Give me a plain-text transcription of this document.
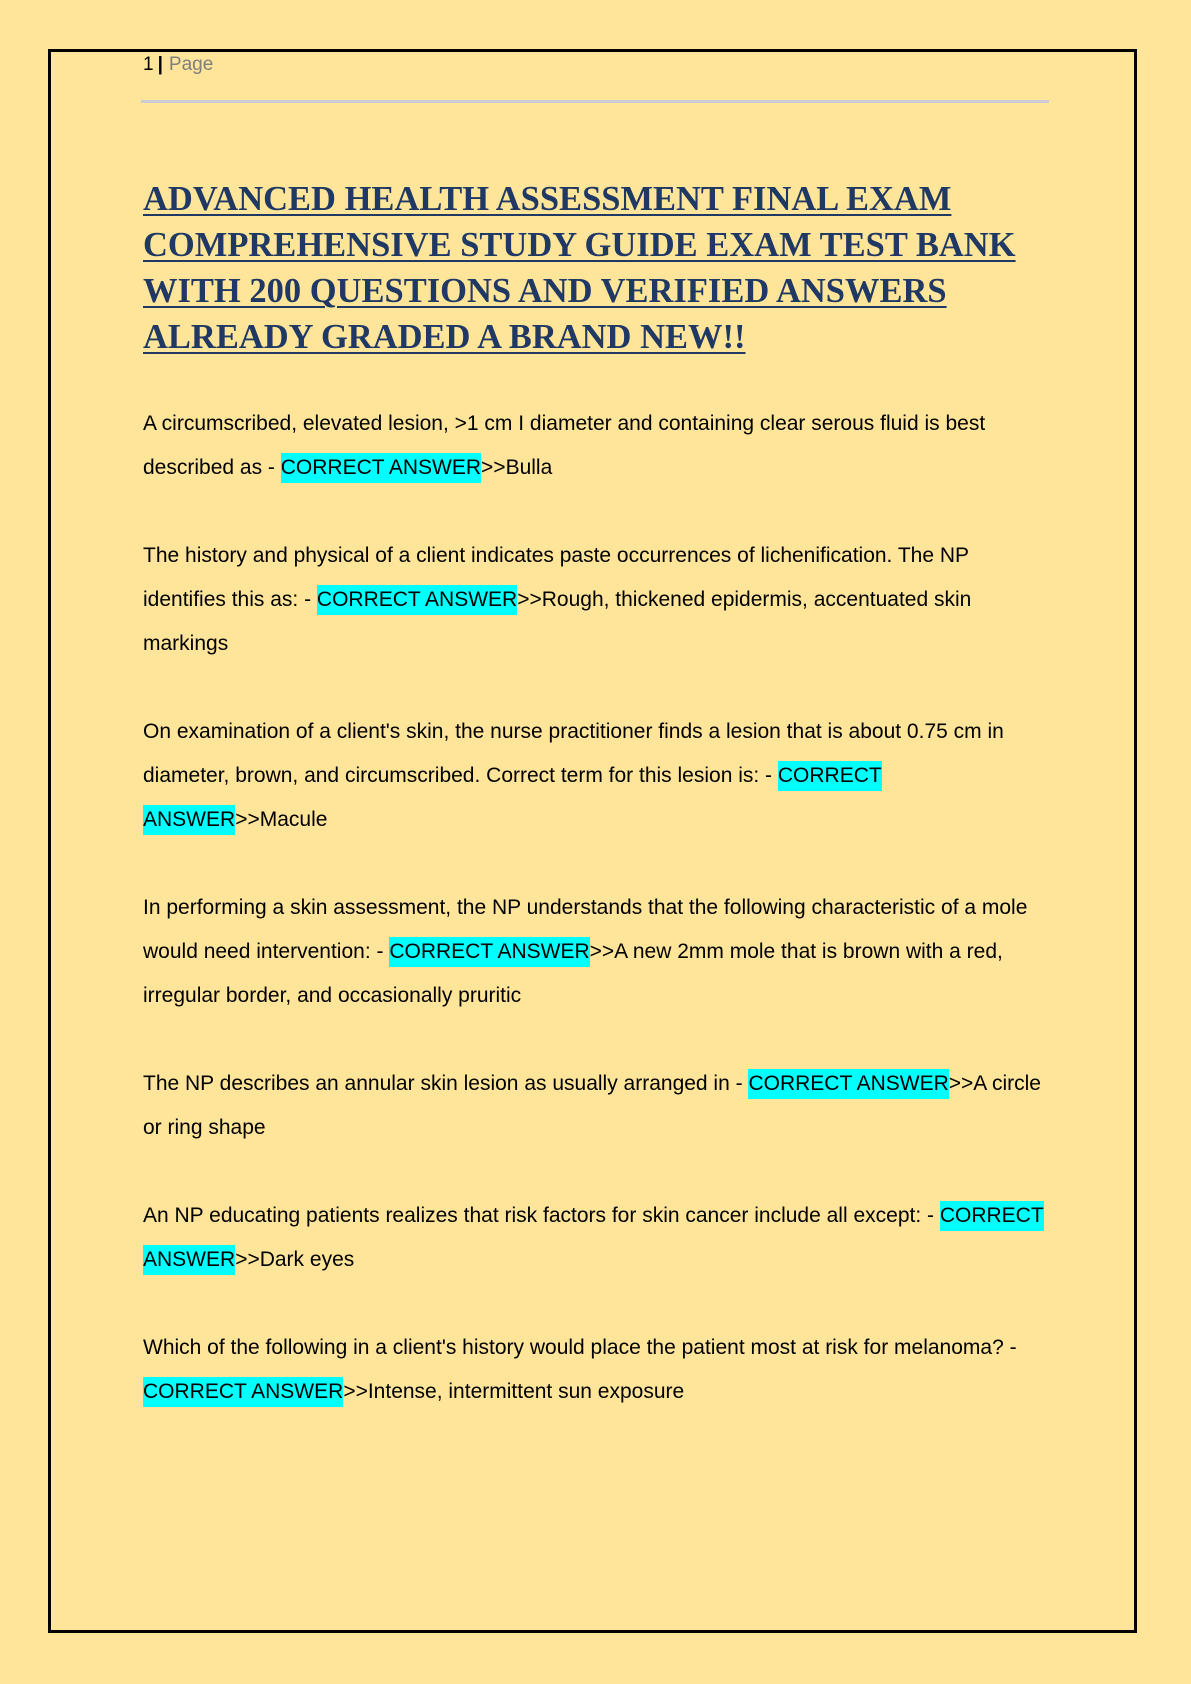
1 | Page
ADVANCED HEALTH ASSESSMENT FINAL EXAM COMPREHENSIVE STUDY GUIDE EXAM TEST BANK WITH 200 QUESTIONS AND VERIFIED ANSWERS ALREADY GRADED A BRAND NEW!!

A circumscribed, elevated lesion, >1 cm I diameter and containing clear serous fluid is best described as - CORRECT ANSWER>>Bulla

The history and physical of a client indicates paste occurrences of lichenification. The NP identifies this as: - CORRECT ANSWER>>Rough, thickened epidermis, accentuated skin markings

On examination of a client's skin, the nurse practitioner finds a lesion that is about 0.75 cm in diameter, brown, and circumscribed. Correct term for this lesion is: - CORRECT ANSWER>>Macule

In performing a skin assessment, the NP understands that the following characteristic of a mole would need intervention: - CORRECT ANSWER>>A new 2mm mole that is brown with a red, irregular border, and occasionally pruritic

The NP describes an annular skin lesion as usually arranged in - CORRECT ANSWER>>A circle or ring shape

An NP educating patients realizes that risk factors for skin cancer include all except: - CORRECT ANSWER>>Dark eyes

Which of the following in a client's history would place the patient most at risk for melanoma? - CORRECT ANSWER>>Intense, intermittent sun exposure
